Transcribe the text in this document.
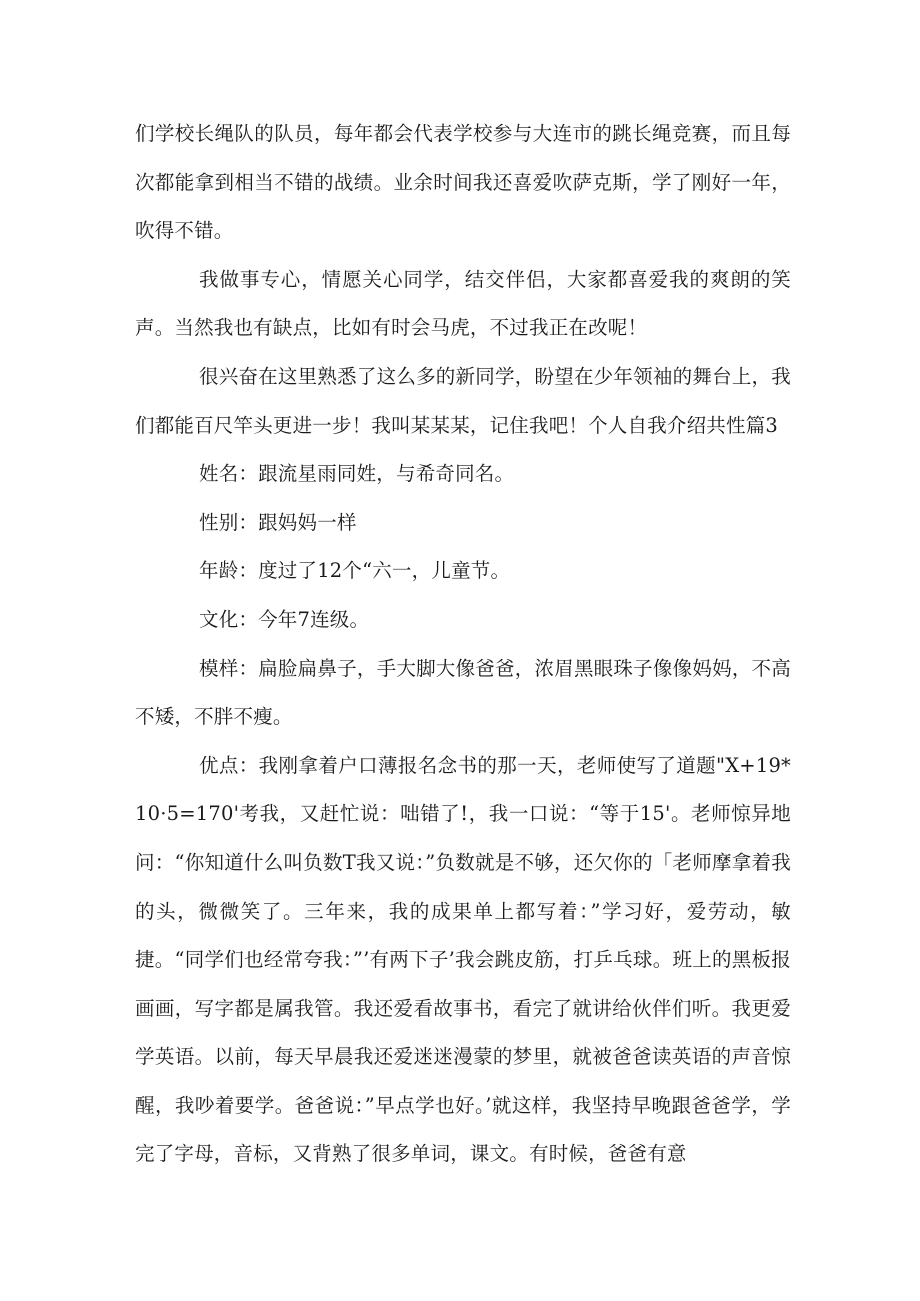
们学校长绳队的队员，每年都会代表学校参与大连市的跳长绳竞赛，而且每次都能拿到相当不错的战绩。业余时间我还喜爱吹萨克斯，学了刚好一年，吹得不错。

我做事专心，情愿关心同学，结交伴侣，大家都喜爱我的爽朗的笑声。当然我也有缺点，比如有时会马虎，不过我正在改呢！

很兴奋在这里熟悉了这么多的新同学，盼望在少年领袖的舞台上，我们都能百尺竿头更进一步！我叫某某某，记住我吧！个人自我介绍共性篇3

姓名：跟流星雨同姓，与希奇同名。

性别：跟妈妈一样

年龄：度过了12个“六一，儿童节。

文化：今年7连级。

模样：扁脸扁鼻子，手大脚大像爸爸，浓眉黑眼珠子像像妈妈，不高不矮，不胖不瘦。

优点：我刚拿着户口薄报名念书的那一天，老师使写了道题"X+19*10·5=170'考我，又赶忙说：咄错了!，我一口说：“等于15'。老师惊异地问：“你知道什么叫负数T我又说：”负数就是不够，还欠你的「老师摩拿着我的头，微微笑了。三年来，我的成果单上都写着：”学习好，爱劳动，敏捷。“同学们也经常夸我：”’有两下子’我会跳皮筋，打乒乓球。班上的黑板报画画，写字都是属我管。我还爱看故事书，看完了就讲给伙伴们听。我更爱学英语。以前，每天早晨我还爱迷迷漫蒙的梦里，就被爸爸读英语的声音惊醒，我吵着要学。爸爸说：”早点学也好。’就这样，我坚持早晚跟爸爸学，学完了字母，音标，又背熟了很多单词，课文。有时候，爸爸有意
